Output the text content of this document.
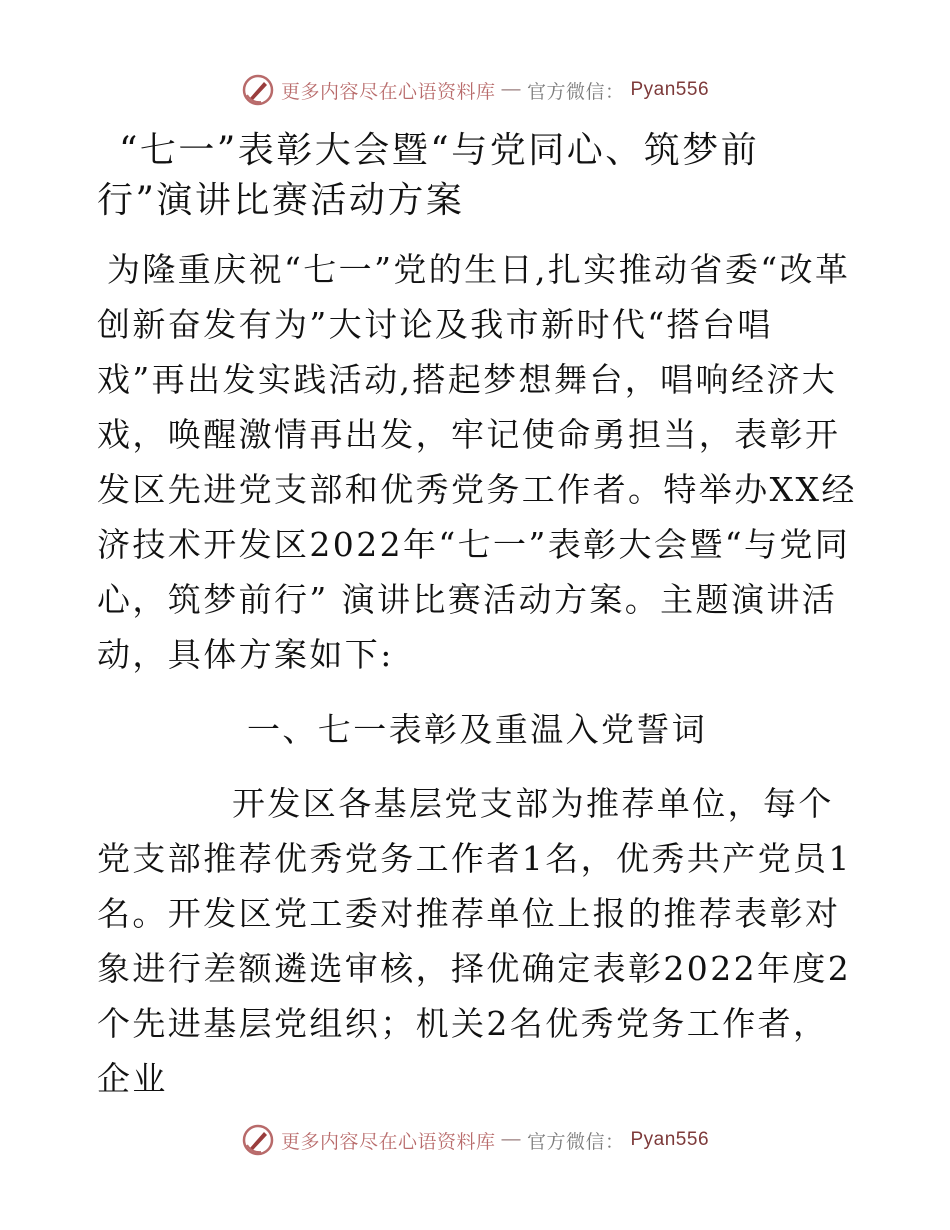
更多内容尽在心语资料库 — 官方微信： Pyan556
“七一”表彰大会暨“与党同心、筑梦前行”演讲比赛活动方案

为隆重庆祝“七一”党的生日,扎实推动省委“改革创新奋发有为”大讨论及我市新时代“搭台唱戏”再出发实践活动,搭起梦想舞台，唱响经济大戏，唤醒激情再出发，牢记使命勇担当，表彰开发区先进党支部和优秀党务工作者。特举办XX经济技术开发区2022年“七一”表彰大会暨“与党同心，筑梦前行” 演讲比赛活动方案。主题演讲活动，具体方案如下:

一、七一表彰及重温入党誓词

开发区各基层党支部为推荐单位，每个党支部推荐优秀党务工作者1名，优秀共产党员1名。开发区党工委对推荐单位上报的推荐表彰对象进行差额遴选审核，择优确定表彰2022年度2个先进基层党组织；机关2名优秀党务工作者，企业

更多内容尽在心语资料库 — 官方微信： Pyan556
